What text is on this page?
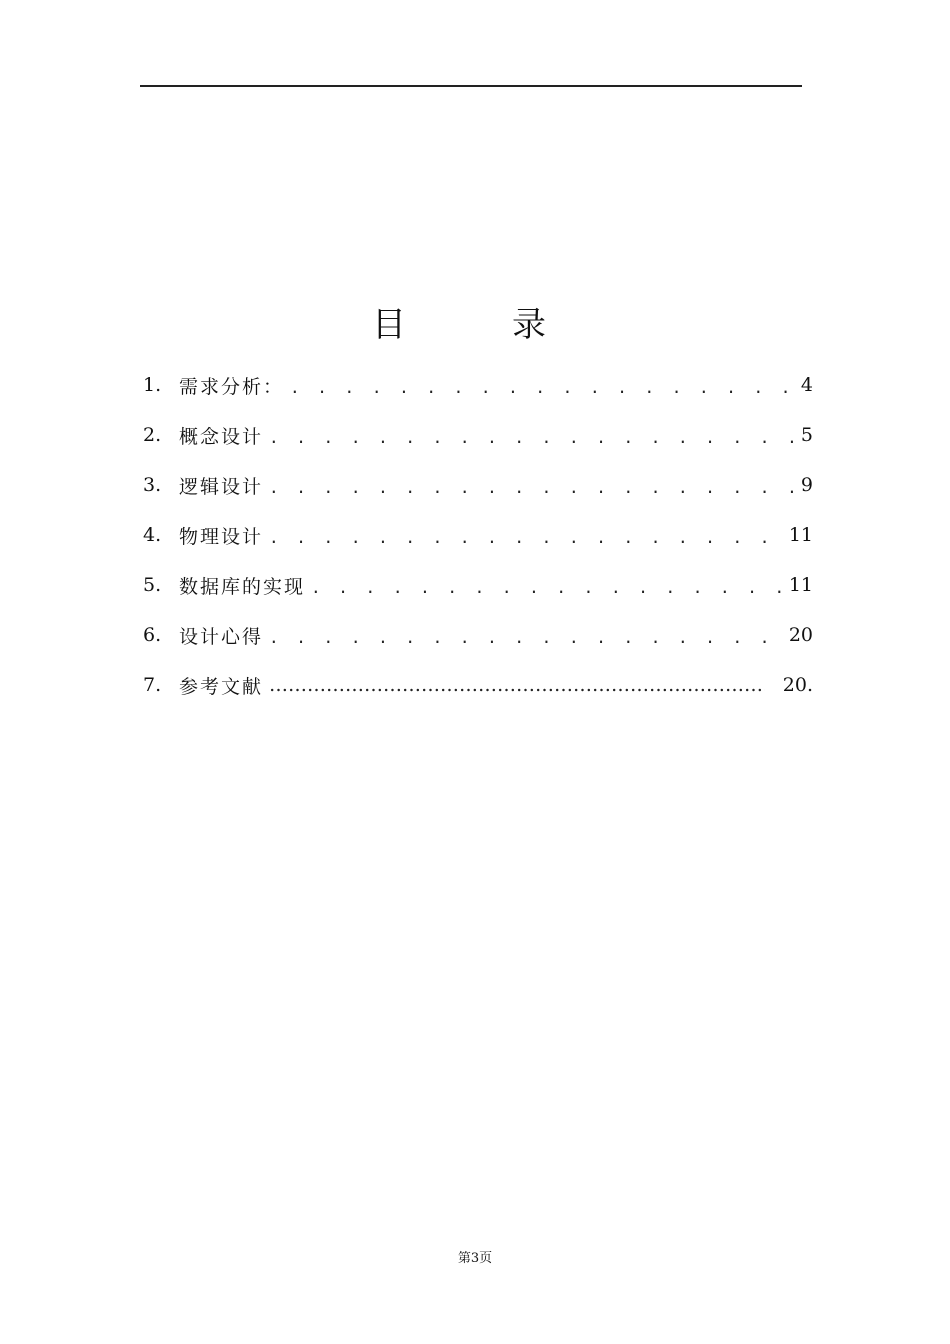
目	录
1. 需求分析： . . .	4
2. 概念设计 . . .	5
3. 逻辑设计 . . .	9
4. 物理设计 . . .	11
5. 数据库的实现 . . .	11
6. 设计心得 . . .	20
7. 参考文献 ……………………………………………………………………………………………………	20.
第3页
